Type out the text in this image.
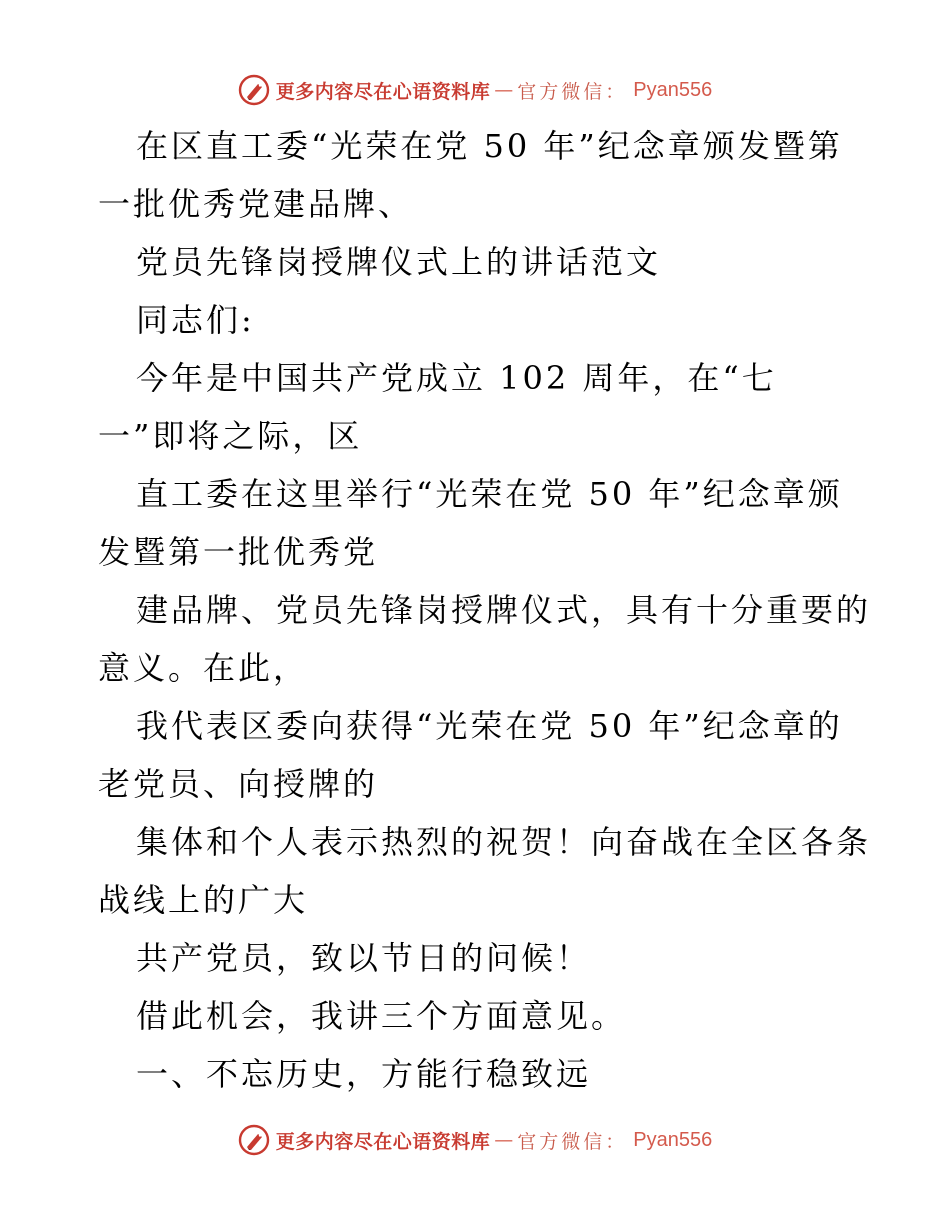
更多内容尽在心语资料库 — 官方微信： Pyan556
在区直工委“光荣在党 50 年”纪念章颁发暨第
一批优秀党建品牌、
党员先锋岗授牌仪式上的讲话范文
同志们:
今年是中国共产党成立 102 周年，在“七
一”即将之际，区
直工委在这里举行“光荣在党 50 年”纪念章颁
发暨第一批优秀党
建品牌、党员先锋岗授牌仪式，具有十分重要的
意义。在此，
我代表区委向获得“光荣在党 50 年”纪念章的
老党员、向授牌的
集体和个人表示热烈的祝贺！向奋战在全区各条
战线上的广大
共产党员，致以节日的问候！
借此机会，我讲三个方面意见。
一、不忘历史，方能行稳致远
更多内容尽在心语资料库 — 官方微信： Pyan556
